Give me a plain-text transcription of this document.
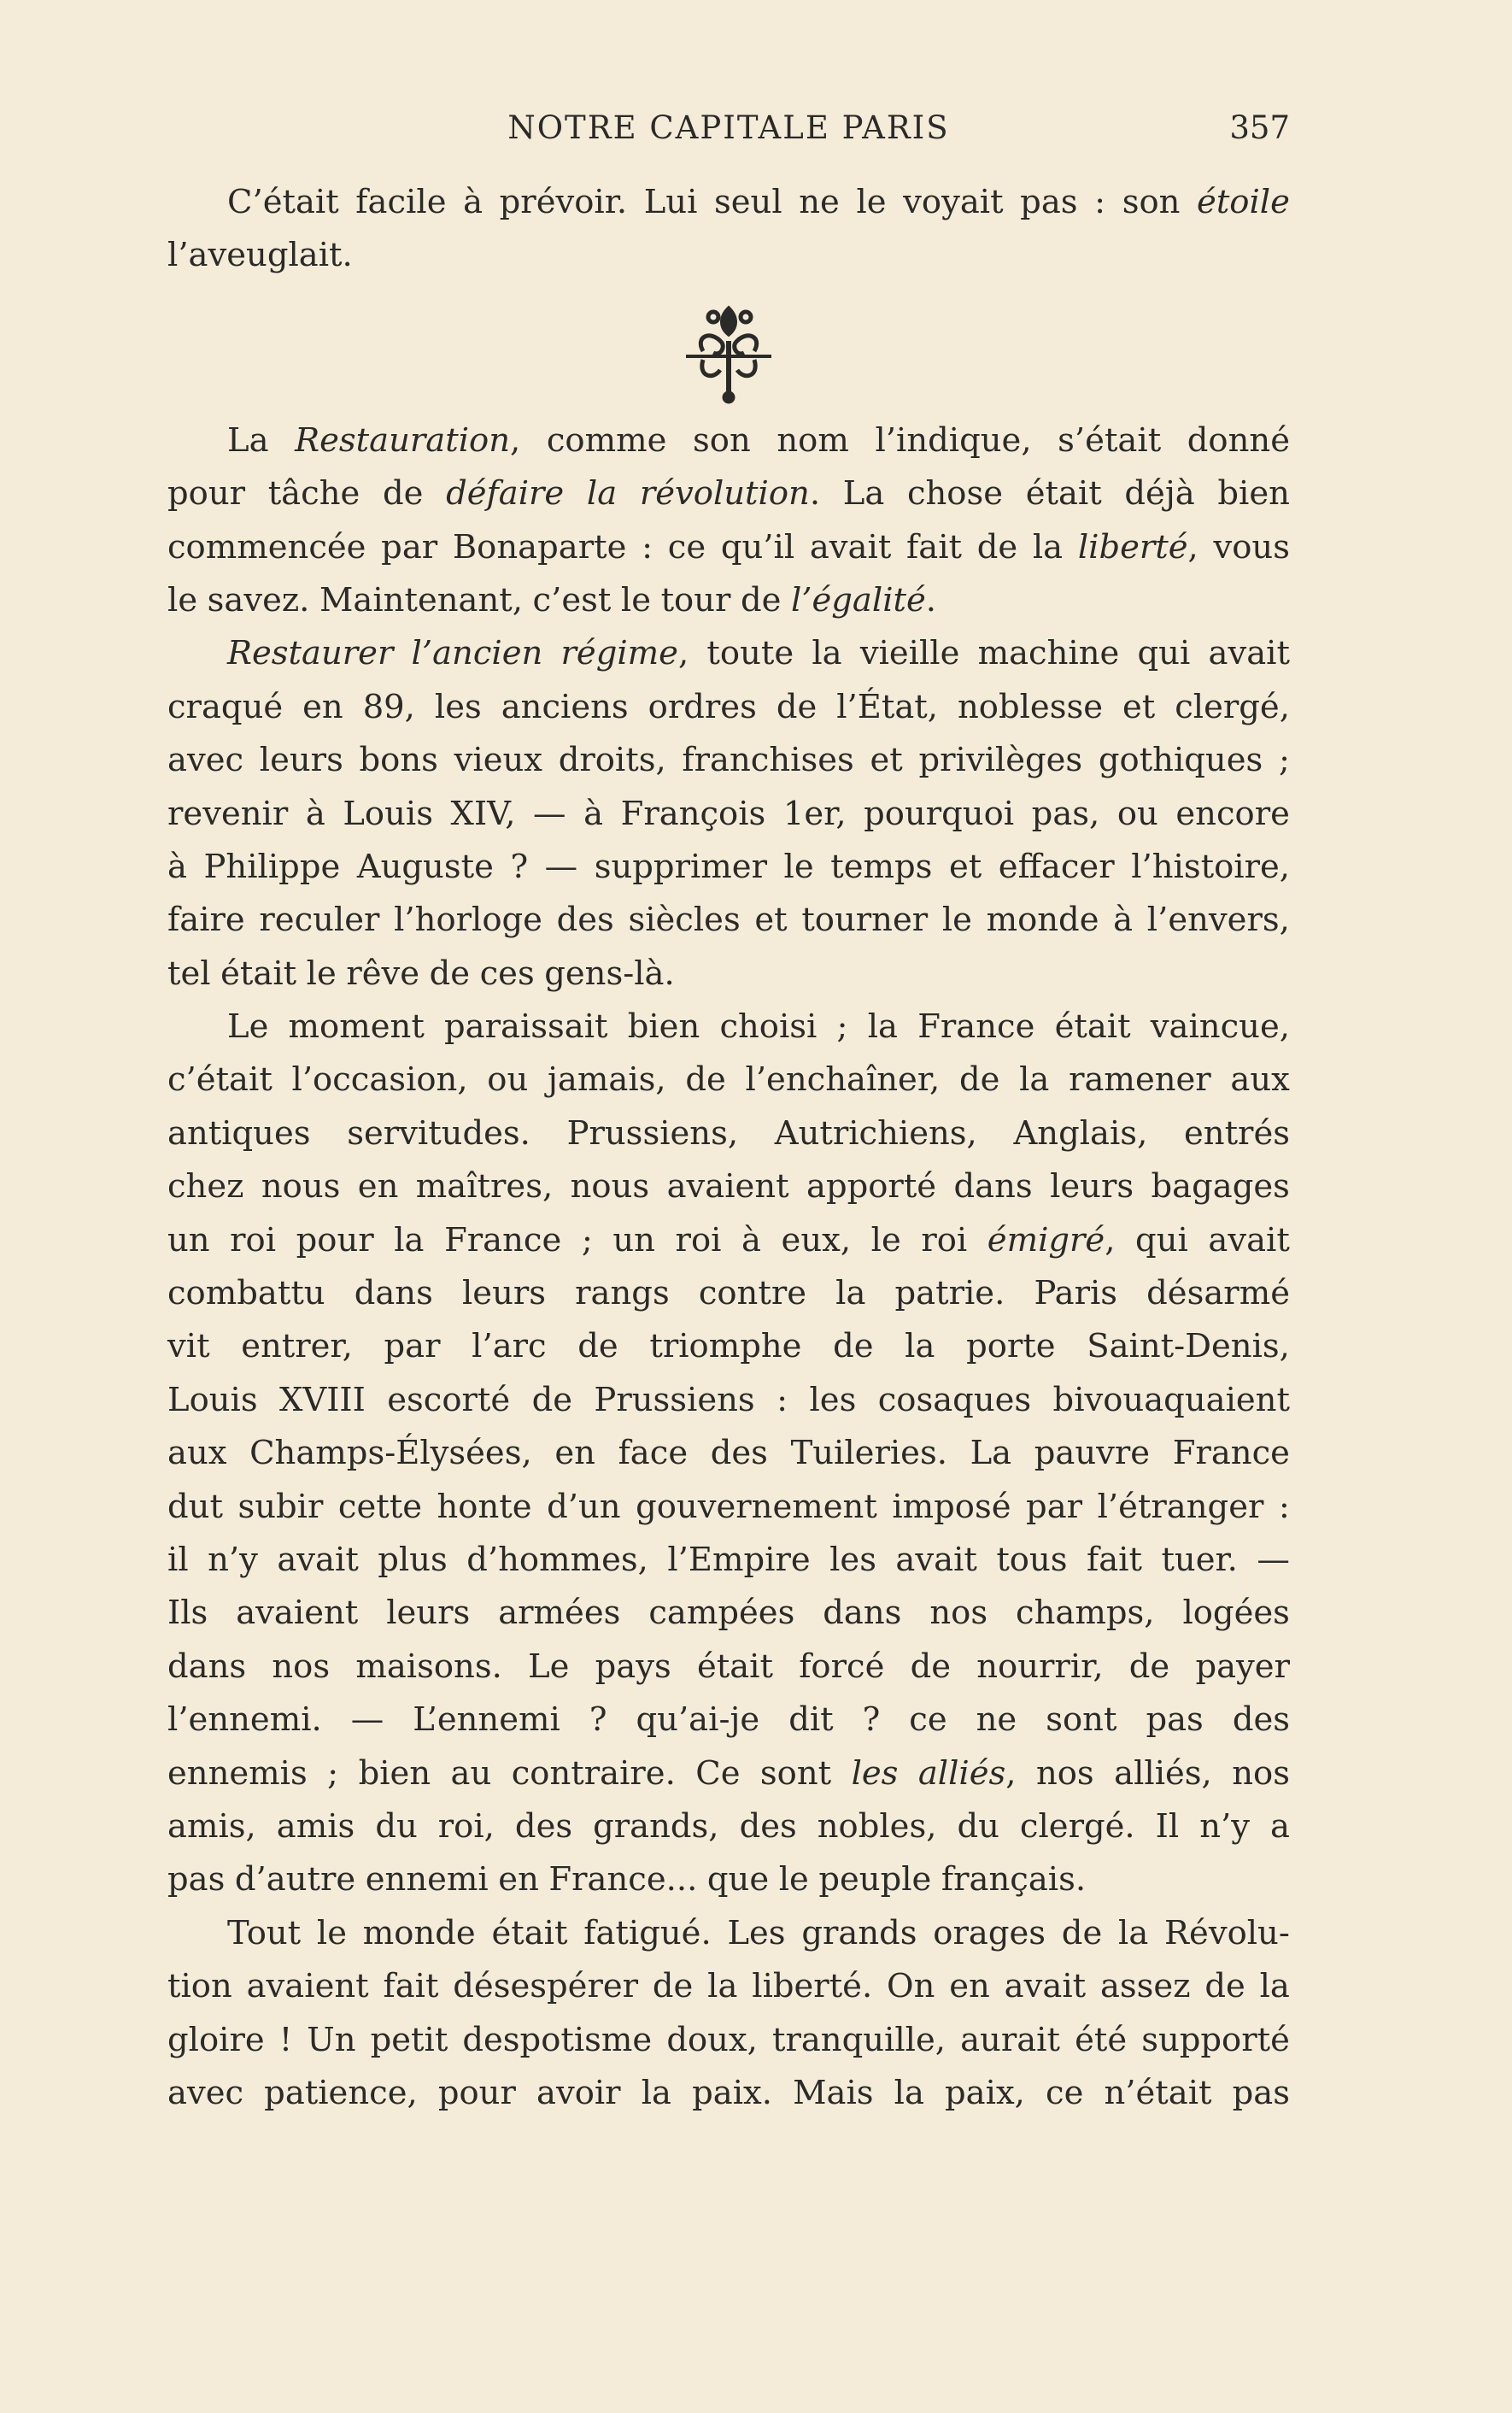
NOTRE CAPITALE PARIS	357
C’était facile à prévoir. Lui seul ne le voyait pas : son étoile
l’aveuglait.
La Restauration, comme son nom l’indique, s’était donné
pour tâche de défaire la révolution. La chose était déjà bien
commencée par Bonaparte : ce qu’il avait fait de la liberté, vous
le savez. Maintenant, c’est le tour de l’égalité.
Restaurer l’ancien régime, toute la vieille machine qui avait
craqué en 89, les anciens ordres de l’État, noblesse et clergé,
avec leurs bons vieux droits, franchises et privilèges gothiques ;
revenir à Louis XIV, — à François 1er, pourquoi pas, ou encore
à Philippe Auguste ? — supprimer le temps et effacer l’histoire,
faire reculer l’horloge des siècles et tourner le monde à l’envers,
tel était le rêve de ces gens-là.
Le moment paraissait bien choisi ; la France était vaincue,
c’était l’occasion, ou jamais, de l’enchaîner, de la ramener aux
antiques servitudes. Prussiens, Autrichiens, Anglais, entrés
chez nous en maîtres, nous avaient apporté dans leurs bagages
un roi pour la France ; un roi à eux, le roi émigré, qui avait
combattu dans leurs rangs contre la patrie. Paris désarmé
vit entrer, par l’arc de triomphe de la porte Saint-Denis,
Louis XVIII escorté de Prussiens : les cosaques bivouaquaient
aux Champs-Élysées, en face des Tuileries. La pauvre France
dut subir cette honte d’un gouvernement imposé par l’étranger :
il n’y avait plus d’hommes, l’Empire les avait tous fait tuer. —
Ils avaient leurs armées campées dans nos champs, logées
dans nos maisons. Le pays était forcé de nourrir, de payer
l’ennemi. — L’ennemi ? qu’ai-je dit ? ce ne sont pas des
ennemis ; bien au contraire. Ce sont les alliés, nos alliés, nos
amis, amis du roi, des grands, des nobles, du clergé. Il n’y a
pas d’autre ennemi en France... que le peuple français.
Tout le monde était fatigué. Les grands orages de la Révolu-
tion avaient fait désespérer de la liberté. On en avait assez de la
gloire ! Un petit despotisme doux, tranquille, aurait été supporté
avec patience, pour avoir la paix. Mais la paix, ce n’était pas
